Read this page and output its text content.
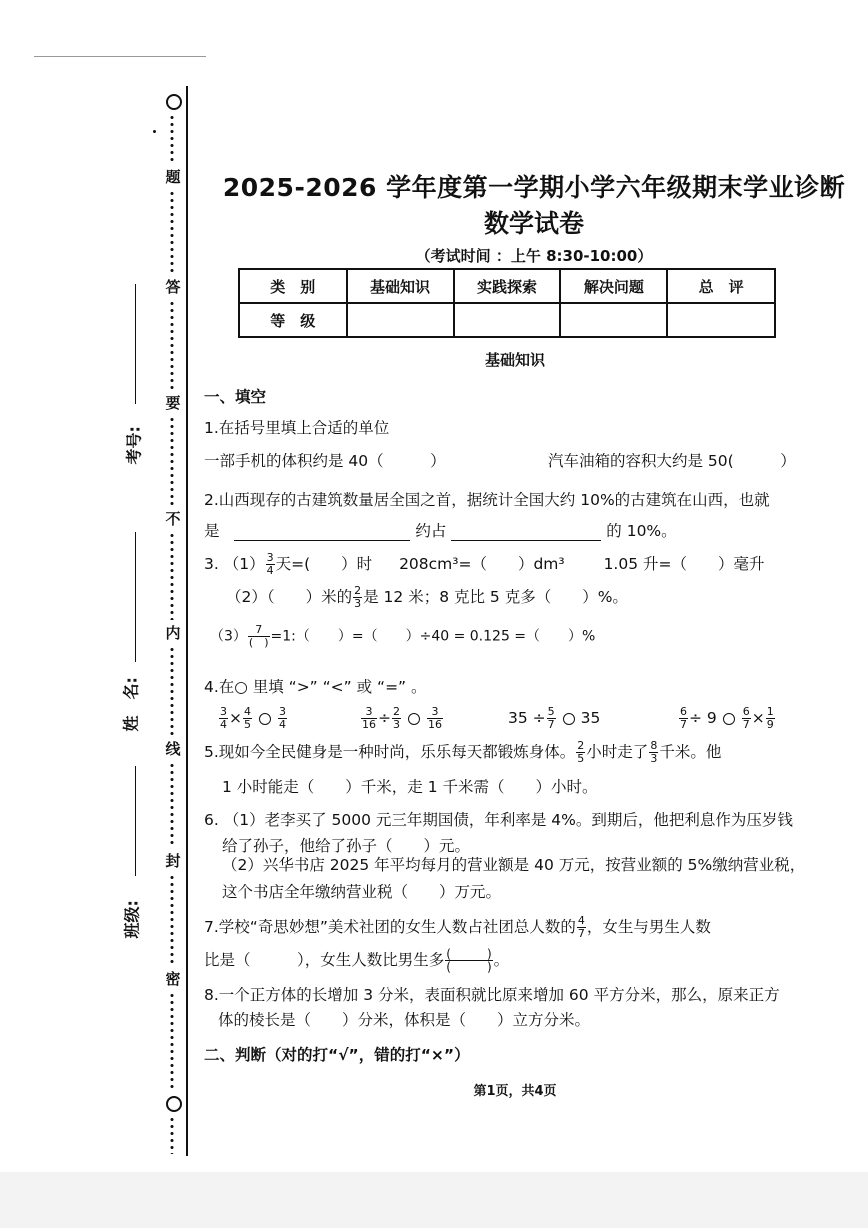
题
答
要
不
内
线
封
密
考号:
姓　名:
班级:
2025-2026 学年度第一学期小学六年级期末学业诊断
数学试卷
（考试时间 ：上午 8:30-10:00）
类　别	基础知识	实践探索	解决问题	总　评
等　级				
基础知识
一、填空
1.在括号里填上合适的单位
一部手机的体积约是 40（　　　）	汽车油箱的容积大约是 50(　　　）
2.山西现存的古建筑数量居全国之首，据统计全国大约 10%的古建筑在山西，也就
是	约占	的 10%。
3. $(1) \frac{3}{4}$ 天=(　　）时 208cm³=（　　）dm³	1.05 升=（　　）毫升
（2）（　　）米的 $\frac{2}{3}$ 是 12 米；8 克比 5 克多（　　）%。
$(3) \frac{7}{( )}$ =1:（　　）=（　　）÷40 = 0.125 =（　　）%
4.在○ 里填 “>” “<” 或 “=” 。
$\frac{3}{4} \times \frac{4}{5} \frac{3}{4}$	$\frac{3}{16} \div \frac{2}{3} \frac{3}{16}$	$35 \div \frac{5}{7} 35$	$\frac{6}{7} \div 9 \frac{6}{7} \times \frac{1}{9}$
5.现如今全民健身是一种时尚，乐乐每天都锻炼身体。 $\frac{2}{5}$ 小时走了 $\frac{8}{3}$ 千米。他
1 小时能走（　　）千米，走 1 千米需（　　）小时。
6. （1）老李买了 5000 元三年期国债，年利率是 4%。到期后，他把利息作为压岁钱
给了孙子，他给了孙子（　　）元。
（2）兴华书店 2025 年平均每月的营业额是 40 万元，按营业额的 5%缴纳营业税，
这个书店全年缴纳营业税（　　）万元。
7.学校“奇思妙想”美术社团的女生人数占社团总人数的 $\frac{4}{7}$ ，女生与男生人数
比是（　　　），女生人数比男生多 $\frac{( )}{( )}$ 。
8.一个正方体的长增加 3 分米，表面积就比原来增加 60 平方分米，那么，原来正方
体的棱长是（　　）分米，体积是（　　）立方分米。
二、判断（对的打“√”，错的打“×”）
第1页，共4页
